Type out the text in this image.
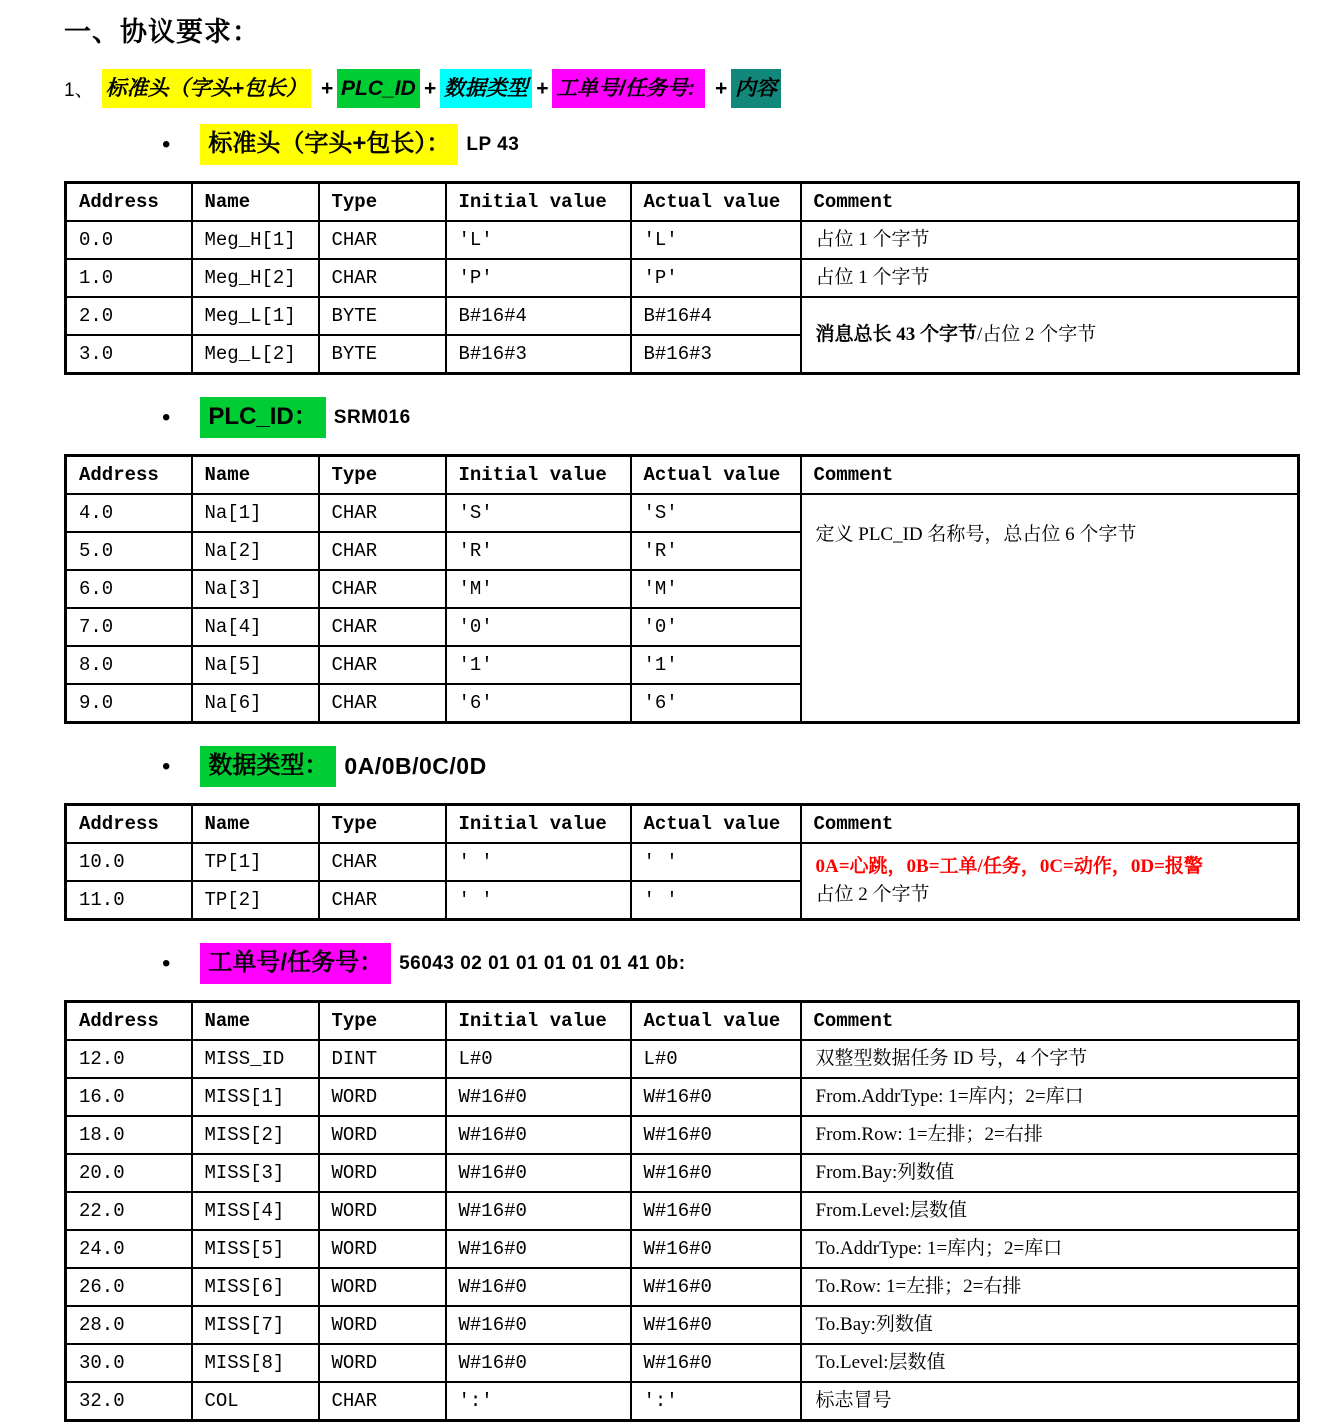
一、协议要求：
1、 标准头（字头+包长） + PLC_ID + 数据类型 + 工单号/任务号:  + 内容
•	标准头（字头+包长）： LP 43
Address	Name	Type	Initial value	Actual value	Comment
0.0	Meg_H[1]	CHAR	'L'	'L'	占位 1 个字节
1.0	Meg_H[2]	CHAR	'P'	'P'	占位 1 个字节
2.0	Meg_L[1]	BYTE	B#16#4	B#16#4	消息总长 43 个字节/占位 2 个字节
3.0	Meg_L[2]	BYTE	B#16#3	B#16#3	
•	PLC_ID： SRM016
Address	Name	Type	Initial value	Actual value	Comment
4.0	Na[1]	CHAR	'S'	'S'	定义 PLC_ID 名称号，总占位 6 个字节
5.0	Na[2]	CHAR	'R'	'R'	
6.0	Na[3]	CHAR	'M'	'M'	
7.0	Na[4]	CHAR	'0'	'0'	
8.0	Na[5]	CHAR	'1'	'1'	
9.0	Na[6]	CHAR	'6'	'6'	
•	数据类型： 0A/0B/0C/0D
Address	Name	Type	Initial value	Actual value	Comment
10.0	TP[1]	CHAR	' '	' '	0A=心跳，0B=工单/任务，0C=动作，0D=报警
占位 2 个字节
11.0	TP[2]	CHAR	' '	' '	
•	工单号/任务号： 56043 02 01 01 01 01 01 41 0b:
Address	Name	Type	Initial value	Actual value	Comment
12.0	MISS_ID	DINT	L#0	L#0	双整型数据任务 ID 号，4 个字节
16.0	MISS[1]	WORD	W#16#0	W#16#0	From.AddrType: 1=库内；2=库口
18.0	MISS[2]	WORD	W#16#0	W#16#0	From.Row: 1=左排；2=右排
20.0	MISS[3]	WORD	W#16#0	W#16#0	From.Bay:列数值
22.0	MISS[4]	WORD	W#16#0	W#16#0	From.Level:层数值
24.0	MISS[5]	WORD	W#16#0	W#16#0	To.AddrType: 1=库内；2=库口
26.0	MISS[6]	WORD	W#16#0	W#16#0	To.Row: 1=左排；2=右排
28.0	MISS[7]	WORD	W#16#0	W#16#0	To.Bay:列数值
30.0	MISS[8]	WORD	W#16#0	W#16#0	To.Level:层数值
32.0	COL	CHAR	':'	':'	标志冒号
